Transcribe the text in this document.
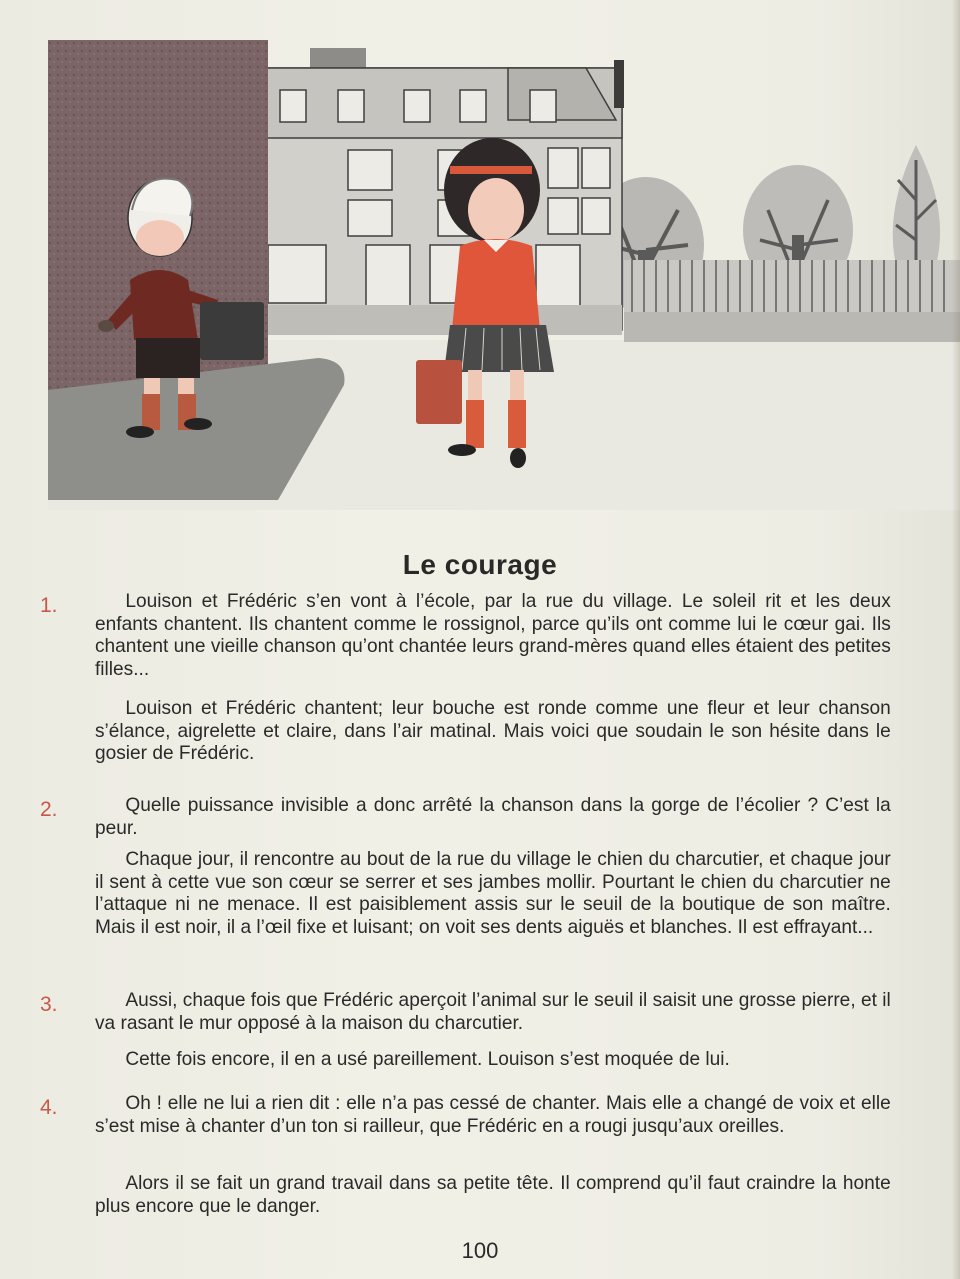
Le courage
1.	Louison et Frédéric s’en vont à l’école, par la rue du village. Le soleil rit et les deux enfants chantent. Ils chantent comme le rossignol, parce qu’ils ont comme lui le cœur gai. Ils chantent une vieille chanson qu’ont chantée leurs grand-mères quand elles étaient des petites filles...

Louison et Frédéric chantent; leur bouche est ronde comme une fleur et leur chanson s’élance, aigrelette et claire, dans l’air matinal. Mais voici que soudain le son hésite dans le gosier de Frédéric.

2.	Quelle puissance invisible a donc arrêté la chanson dans la gorge de l’écolier ? C’est la peur.

Chaque jour, il rencontre au bout de la rue du village le chien du charcutier, et chaque jour il sent à cette vue son cœur se serrer et ses jambes mollir. Pourtant le chien du charcutier ne l’attaque ni ne menace. Il est paisiblement assis sur le seuil de la boutique de son maître. Mais il est noir, il a l’œil fixe et luisant; on voit ses dents aiguës et blanches. Il est effrayant...

3.	Aussi, chaque fois que Frédéric aperçoit l’animal sur le seuil il saisit une grosse pierre, et il va rasant le mur opposé à la maison du charcutier.

Cette fois encore, il en a usé pareillement. Louison s’est moquée de lui.

4.	Oh ! elle ne lui a rien dit : elle n’a pas cessé de chanter. Mais elle a changé de voix et elle s’est mise à chanter d’un ton si railleur, que Frédéric en a rougi jusqu’aux oreilles.

Alors il se fait un grand travail dans sa petite tête. Il comprend qu’il faut craindre la honte plus encore que le danger.

100
